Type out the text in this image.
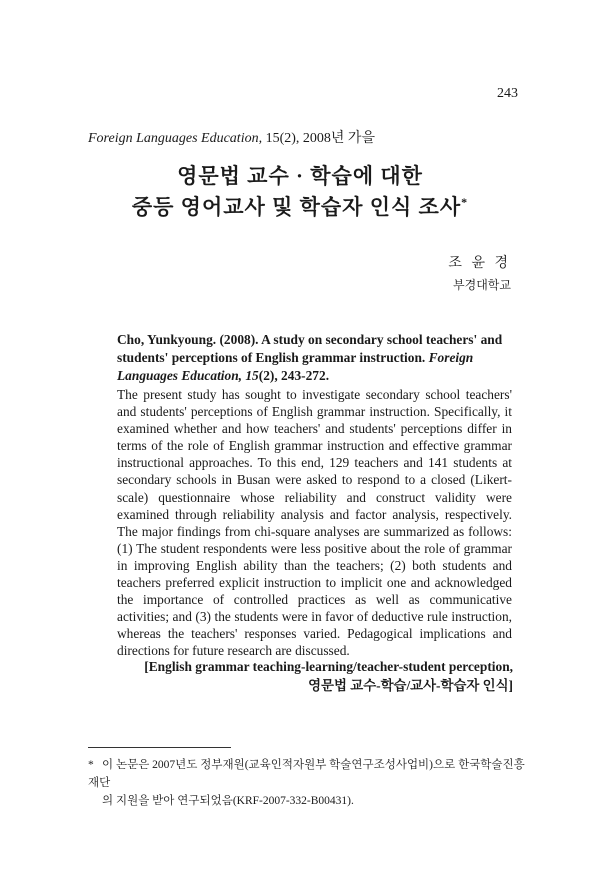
243
Foreign Languages Education, 15(2), 2008년 가을
영문법 교수 · 학습에 대한
중등 영어교사 및 학습자 인식 조사*
조 윤 경
부경대학교
Cho, Yunkyoung. (2008). A study on secondary school teachers' and students' perceptions of English grammar instruction. Foreign Languages Education, 15(2), 243-272.
The present study has sought to investigate secondary school teachers' and students' perceptions of English grammar instruction. Specifically, it examined whether and how teachers' and students' perceptions differ in terms of the role of English grammar instruction and effective grammar instructional approaches. To this end, 129 teachers and 141 students at secondary schools in Busan were asked to respond to a closed (Likert-scale) questionnaire whose reliability and construct validity were examined through reliability analysis and factor analysis, respectively. The major findings from chi-square analyses are summarized as follows: (1) The student respondents were less positive about the role of grammar in improving English ability than the teachers; (2) both students and teachers preferred explicit instruction to implicit one and acknowledged the importance of controlled practices as well as communicative activities; and (3) the students were in favor of deductive rule instruction, whereas the teachers' responses varied. Pedagogical implications and directions for future research are discussed.
[English grammar teaching-learning/teacher-student perception,
영문법 교수-학습/교사-학습자 인식]
* 이 논문은 2007년도 정부재원(교육인적자원부 학술연구조성사업비)으로 한국학술진흥재단
의 지원을 받아 연구되었음(KRF-2007-332-B00431).
